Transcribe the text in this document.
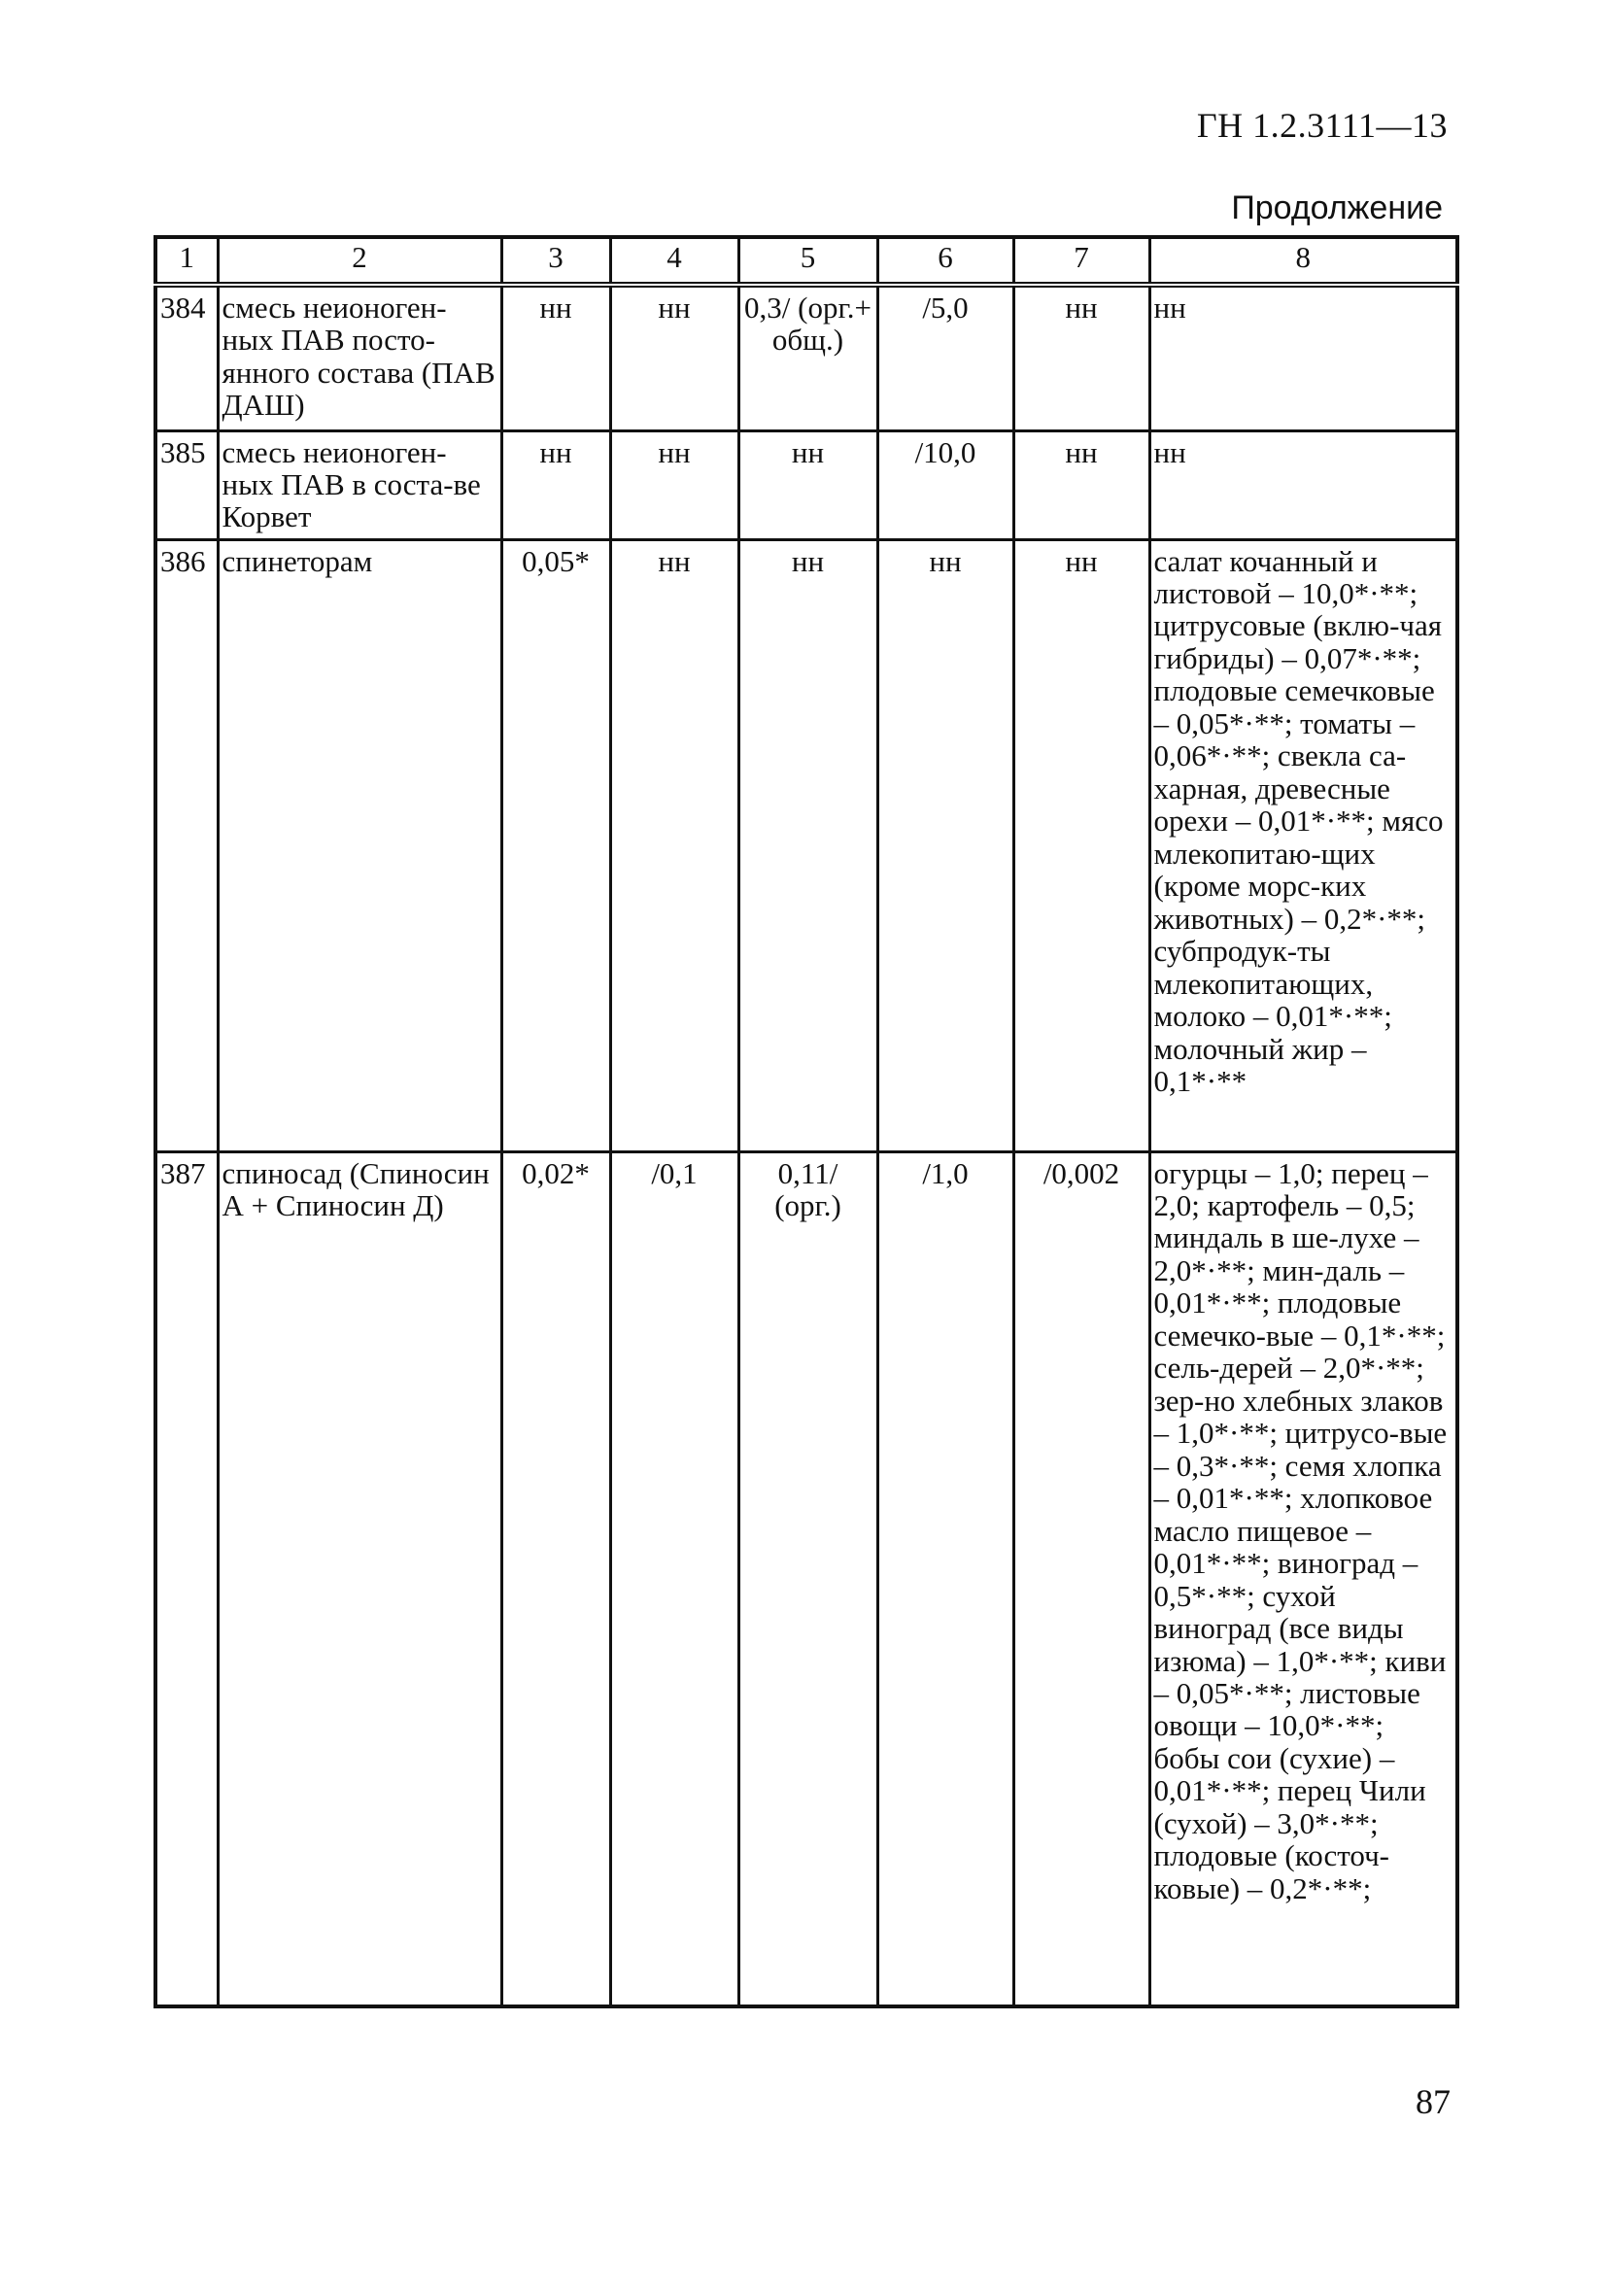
ГН 1.2.3111—13
Продолжение
1	2	3	4	5	6	7	8
384	смесь неионоген-ных ПАВ посто-янного состава (ПАВ ДАШ)	нн	нн	0,3/ (орг.+ общ.)	/5,0	нн	нн
385	смесь неионоген-ных ПАВ в соста-ве Корвет	нн	нн	нн	/10,0	нн	нн
386	спинеторам	0,05*	нн	нн	нн	нн	салат кочанный и листовой – 10,0*·**; цитрусовые (вклю-чая гибриды) – 0,07*·**; плодовые семечковые – 0,05*·**; томаты – 0,06*·**; свекла са-харная, древесные орехи – 0,01*·**; мясо млекопитаю-щих (кроме морс-ких животных) – 0,2*·**; субпродук-ты млекопитающих, молоко – 0,01*·**; молочный жир – 0,1*·**
387	спиносад (Спиносин А + Спиносин Д)	0,02*	/0,1	0,11/ (орг.)	/1,0	/0,002	огурцы – 1,0; перец – 2,0; картофель – 0,5; миндаль в ше-лухе – 2,0*·**; мин-даль – 0,01*·**; плодовые семечко-вые – 0,1*·**; сель-дерей – 2,0*·**; зер-но хлебных злаков – 1,0*·**; цитрусо-вые – 0,3*·**; семя хлопка – 0,01*·**; хлопковое масло пищевое – 0,01*·**; виноград – 0,5*·**; сухой виноград (все виды изюма) – 1,0*·**; киви – 0,05*·**; листовые овощи – 10,0*·**; бобы сои (сухие) – 0,01*·**; перец Чили (сухой) – 3,0*·**; плодовые (косточ-ковые) – 0,2*·**;
87
